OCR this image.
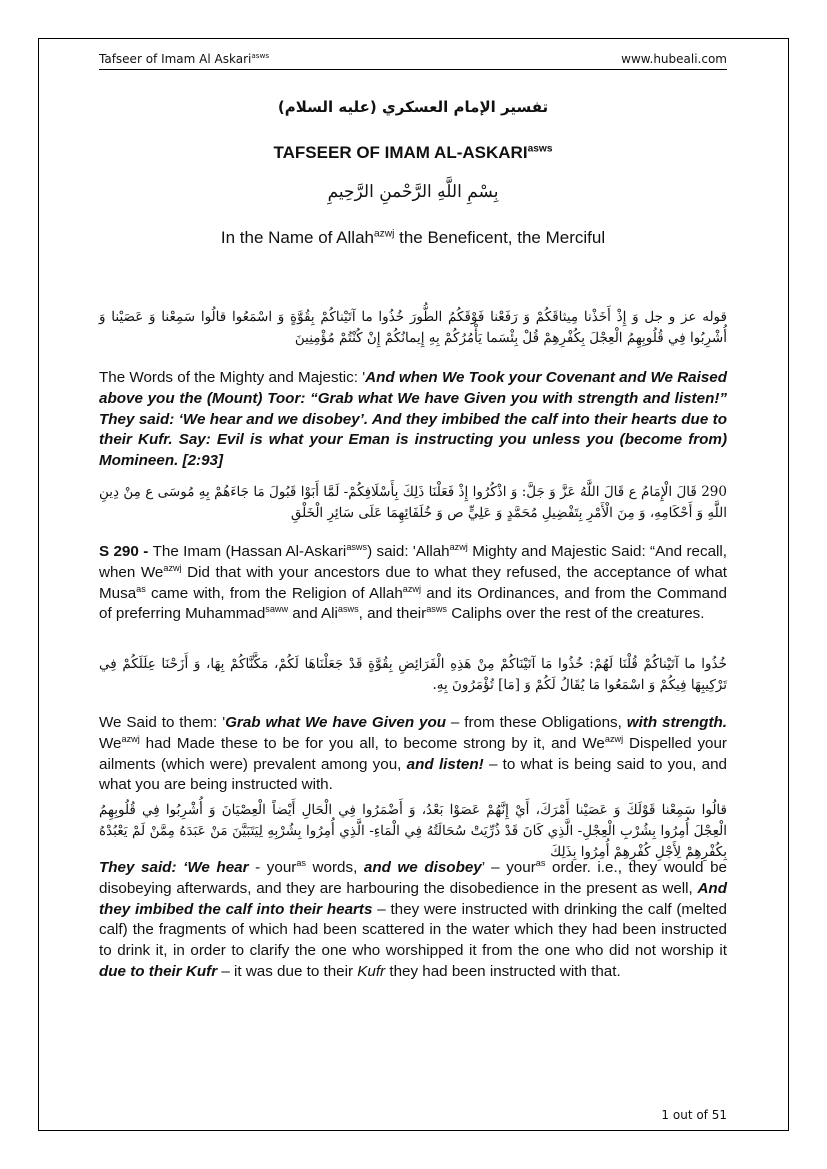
Tafseer of Imam Al Askari$^{asws}$	www.hubeali.com
تفسير الإمام العسكري (عليه السلام)
TAFSEER OF IMAM $AL-ASKARI^{asws}$
بِسْمِ اللَّهِ الرَّحْمنِ الرَّحِيمِ
In the Name of Allah$^{azwj}$ the Beneficent, the Merciful
قوله عز و جل وَ إِذْ أَخَذْنا مِيثاقَكُمْ وَ رَفَعْنا فَوْقَكُمُ الطُّورَ خُذُوا ما آتَيْناكُمْ بِقُوَّةٍ وَ اسْمَعُوا قالُوا سَمِعْنا وَ عَصَيْنا وَ أُشْرِبُوا فِي قُلُوبِهِمُ الْعِجْلَ بِكُفْرِهِمْ قُلْ بِئْسَما يَأْمُرُكُمْ بِهِ إِيمانُكُمْ إِنْ كُنْتُمْ مُؤْمِنِينَ
The Words of the Mighty and Majestic: 'And when We Took your Covenant and We Raised above you the (Mount) Toor: “Grab what We have Given you with strength and listen!” They said: ‘We hear and we disobey’. And they imbibed the calf into their hearts due to their Kufr. Say: Evil is what your Eman is instructing you unless you (become from) Momineen. [2:93]
290 قَالَ الْإِمَامُ ع قَالَ اللَّهُ عَزَّ وَ جَلَّ: وَ اذْكُرُوا إِذْ فَعَلْنَا ذَلِكَ بِأَسْلَافِكُمْ- لَمَّا أَبَوْا قَبُولَ مَا جَاءَهُمْ بِهِ مُوسَى ع مِنْ دِينِ اللَّهِ وَ أَحْكَامِهِ، وَ مِنَ الْأَمْرِ بِتَفْضِيلِ مُحَمَّدٍ وَ عَلِيٍّ ص وَ خُلَفَائِهِمَا عَلَى سَائِرِ الْخَلْقِ
S 290 - The Imam (Hassan Al-Askari$^{asws}$) said: 'Allah$^{azwj}$ Mighty and Majestic Said: “And recall, when $We^{azwj}$ Did that with your ancestors due to what they refused, the acceptance of what Musa$^{as}$ came with, from the Religion of Allah$^{azwj}$ and its Ordinances, and from the Command of preferring Muhammad$^{saww}$ and Ali$^{asws}$, and their$^{asws}$ Caliphs over the rest of the creatures.
خُذُوا ما آتَيْناكُمْ قُلْنَا لَهُمْ: خُذُوا مَا آتَيْنَاكُمْ مِنْ هَذِهِ الْفَرَائِضِ بِقُوَّةٍ قَدْ جَعَلْنَاهَا لَكُمْ، مَكَّنَّاكُمْ بِهَا، وَ أَزَحْنَا عِلَلَكُمْ فِي تَرْكِيبِهَا فِيكُمْ وَ اسْمَعُوا مَا يُقَالُ لَكُمْ وَ [مَا] تُؤْمَرُونَ بِهِ.
We Said to them: 'Grab what We have Given you – from these Obligations, with strength. $We^{azwj}$ had Made these to be for you all, to become strong by it, and $We^{azwj}$ Dispelled your ailments (which were) prevalent among you, and listen! – to what is being said to you, and what you are being instructed with.
قالُوا سَمِعْنا قَوْلَكَ وَ عَصَيْنا أَمْرَكَ، أَيْ إِنَّهُمْ عَصَوْا بَعْدُ، وَ أَضْمَرُوا فِي الْحَالِ أَيْضاً الْعِصْيَانَ وَ أُشْرِبُوا فِي قُلُوبِهِمُ الْعِجْلَ أُمِرُوا بِشُرْبِ الْعِجْلِ- الَّذِي كَانَ قَدْ ذُرِّيَتْ سُحَالَتُهُ فِي الْمَاءِ- الَّذِي أُمِرُوا بِشُرْبِهِ لِيَتَبَيَّنَ مَنْ عَبَدَهُ مِمَّنْ لَمْ يَعْبُدْهُ بِكُفْرِهِمْ لِأَجْلِ كُفْرِهِمْ أُمِرُوا بِذَلِكَ
They said: ‘We hear - your$^{as}$ words, and we disobey’ – your$^{as}$ order. i.e., they would be disobeying afterwards, and they are harbouring the disobedience in the present as well, And they imbibed the calf into their hearts – they were instructed with drinking the calf (melted calf) the fragments of which had been scattered in the water which they had been instructed to drink it, in order to clarify the one who worshipped it from the one who did not worship it due to their Kufr – it was due to their Kufr they had been instructed with that.
1 out of 51
